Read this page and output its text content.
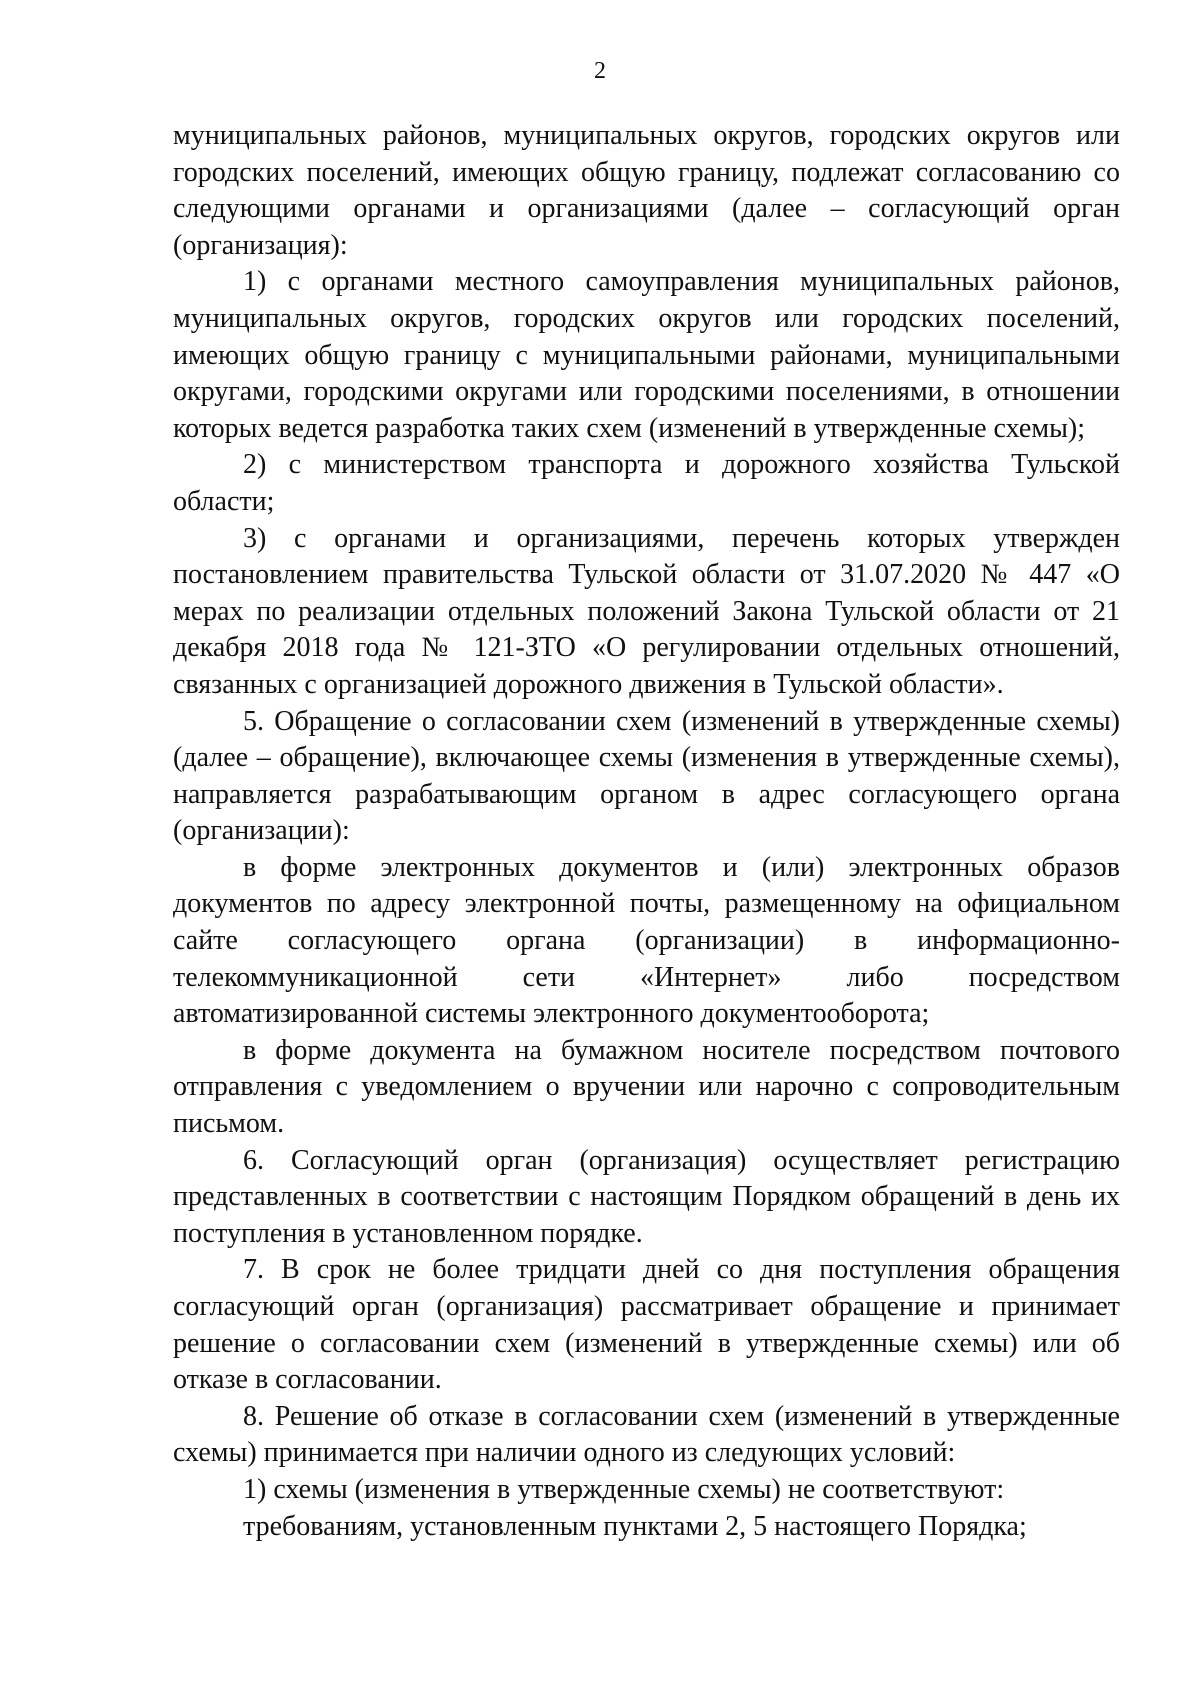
2

муниципальных районов, муниципальных округов, городских округов или городских поселений, имеющих общую границу, подлежат согласованию со следующими органами и организациями (далее – согласующий орган (организация):

1) с органами местного самоуправления муниципальных районов, муниципальных округов, городских округов или городских поселений, имеющих общую границу с муниципальными районами, муниципальными округами, городскими округами или городскими поселениями, в отношении которых ведется разработка таких схем (изменений в утвержденные схемы);

2) с министерством транспорта и дорожного хозяйства Тульской области;

3) с органами и организациями, перечень которых утвержден постановлением правительства Тульской области от 31.07.2020 № 447 «О мерах по реализации отдельных положений Закона Тульской области от 21 декабря 2018 года № 121-ЗТО «О регулировании отдельных отношений, связанных с организацией дорожного движения в Тульской области».

5. Обращение о согласовании схем (изменений в утвержденные схемы) (далее – обращение), включающее схемы (изменения в утвержденные схемы), направляется разрабатывающим органом в адрес согласующего органа (организации):

в форме электронных документов и (или) электронных образов документов по адресу электронной почты, размещенному на официальном сайте согласующего органа (организации) в информационно-телекоммуникационной сети «Интернет» либо посредством автоматизированной системы электронного документооборота;

в форме документа на бумажном носителе посредством почтового отправления с уведомлением о вручении или нарочно с сопроводительным письмом.

6. Согласующий орган (организация) осуществляет регистрацию представленных в соответствии с настоящим Порядком обращений в день их поступления в установленном порядке.

7. В срок не более тридцати дней со дня поступления обращения согласующий орган (организация) рассматривает обращение и принимает решение о согласовании схем (изменений в утвержденные схемы) или об отказе в согласовании.

8. Решение об отказе в согласовании схем (изменений в утвержденные схемы) принимается при наличии одного из следующих условий:

1) схемы (изменения в утвержденные схемы) не соответствуют:

требованиям, установленным пунктами 2, 5 настоящего Порядка;
